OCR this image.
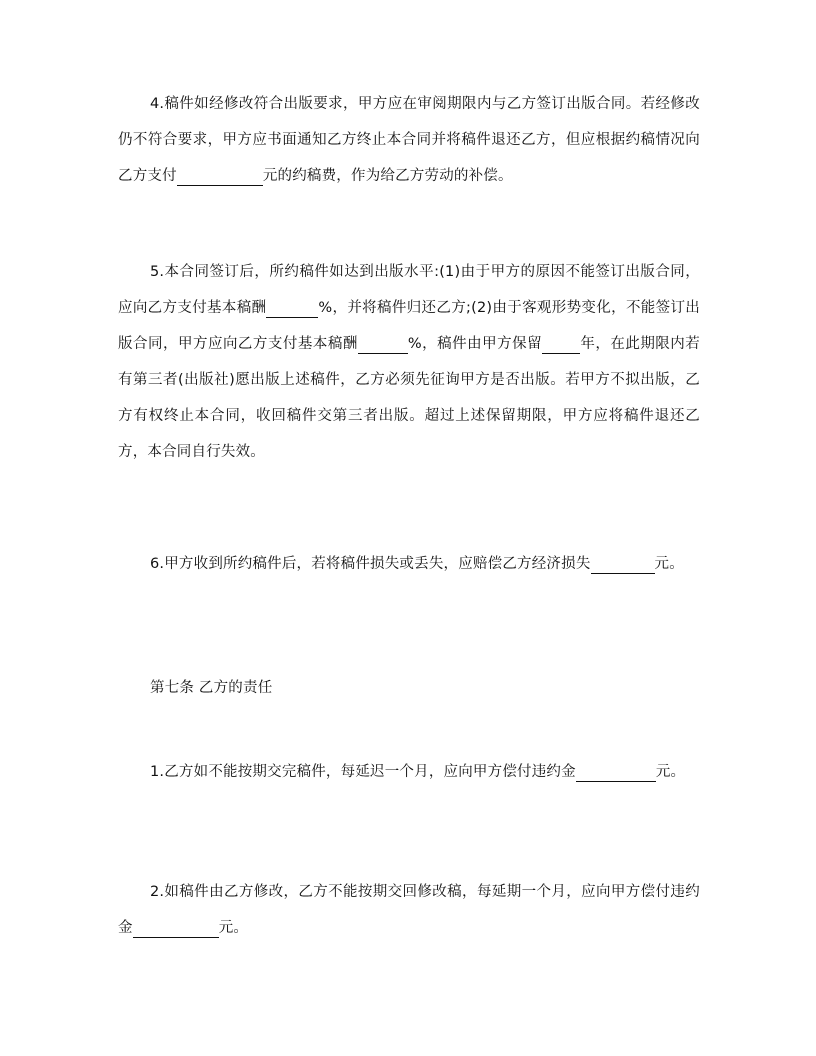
4.稿件如经修改符合出版要求，甲方应在审阅期限内与乙方签订出版合同。若经修改仍不符合要求，甲方应书面通知乙方终止本合同并将稿件退还乙方，但应根据约稿情况向乙方支付	元的约稿费，作为给乙方劳动的补偿。

5.本合同签订后，所约稿件如达到出版水平:(1)由于甲方的原因不能签订出版合同，应向乙方支付基本稿酬	%，并将稿件归还乙方;(2)由于客观形势变化，不能签订出版合同，甲方应向乙方支付基本稿酬	%，稿件由甲方保留	年，在此期限内若有第三者(出版社)愿出版上述稿件，乙方必须先征询甲方是否出版。若甲方不拟出版，乙方有权终止本合同，收回稿件交第三者出版。超过上述保留期限，甲方应将稿件退还乙方，本合同自行失效。

6.甲方收到所约稿件后，若将稿件损失或丢失，应赔偿乙方经济损失	元。

第七条 乙方的责任

1.乙方如不能按期交完稿件，每延迟一个月，应向甲方偿付违约金	元。

2.如稿件由乙方修改，乙方不能按期交回修改稿，每延期一个月，应向甲方偿付违约金	元。
